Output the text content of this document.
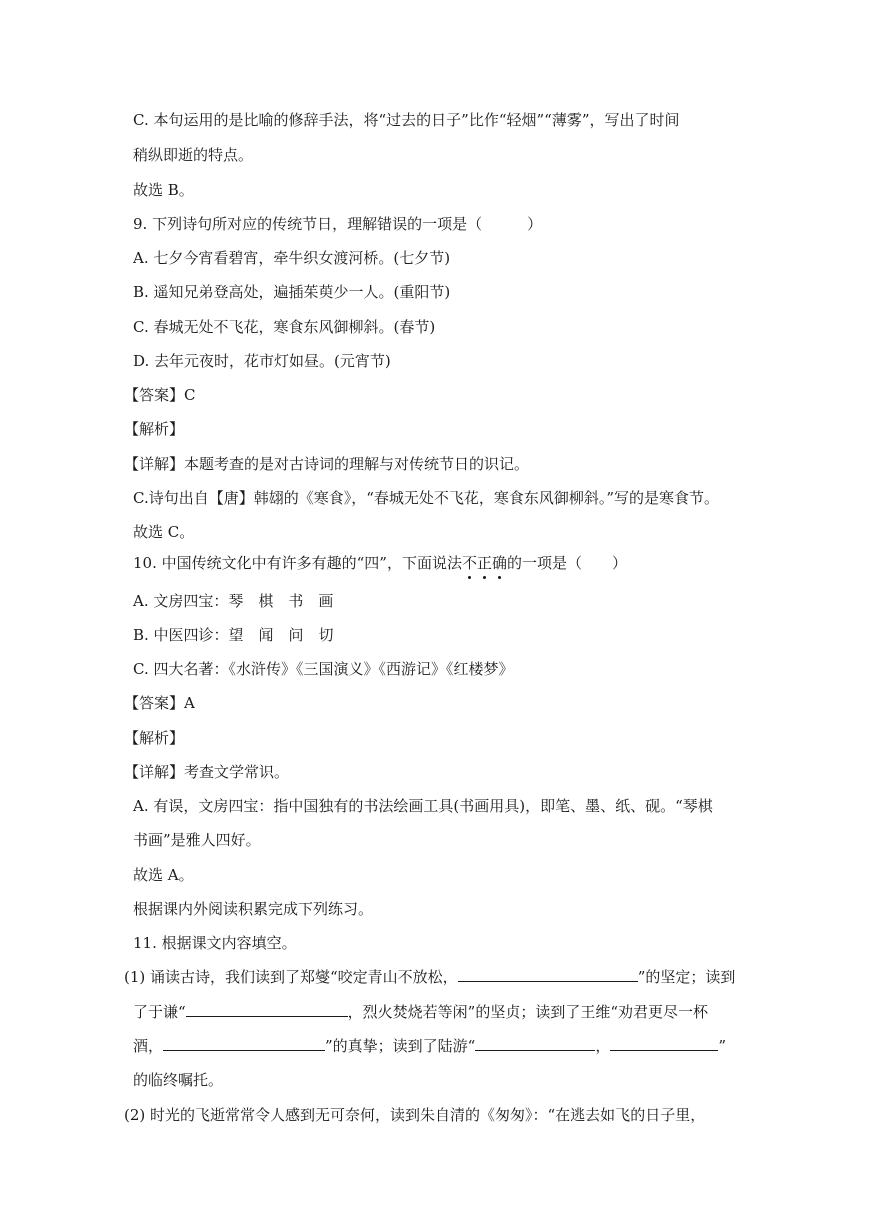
C. 本句运用的是比喻的修辞手法，将“过去的日子”比作“轻烟”“薄雾”，写出了时间
稍纵即逝的特点。
故选 B。
9. 下列诗句所对应的传统节日，理解错误的一项是（　　　）
A. 七夕今宵看碧宵，牵牛织女渡河桥。(七夕节)
B. 遥知兄弟登高处，遍插茱萸少一人。(重阳节)
C. 春城无处不飞花，寒食东风御柳斜。(春节)
D. 去年元夜时，花市灯如昼。(元宵节)
【答案】C
【解析】
【详解】本题考查的是对古诗词的理解与对传统节日的识记。
C.诗句出自【唐】韩翃的《寒食》，“春城无处不飞花，寒食东风御柳斜。”写的是寒食节。
故选 C。
10. 中国传统文化中有许多有趣的“四”，下面说法不正确的一项是（　　）
A. 文房四宝：琴　棋　书　画
B. 中医四诊：望　闻　问　切
C. 四大名著：《水浒传》《三国演义》《西游记》《红楼梦》
【答案】A
【解析】
【详解】考查文学常识。
A. 有误，文房四宝：指中国独有的书法绘画工具(书画用具)，即笔、墨、纸、砚。“琴棋
书画”是雅人四好。
故选 A。
根据课内外阅读积累完成下列练习。
11. 根据课文内容填空。
(1) 诵读古诗，我们读到了郑燮“咬定青山不放松，	”的坚定；读到
了于谦“	，烈火焚烧若等闲”的坚贞；读到了王维“劝君更尽一杯
酒，	”的真挚；读到了陆游“	，	”
的临终嘱托。
(2) 时光的飞逝常常令人感到无可奈何，读到朱自清的《匆匆》：“在逃去如飞的日子里，
